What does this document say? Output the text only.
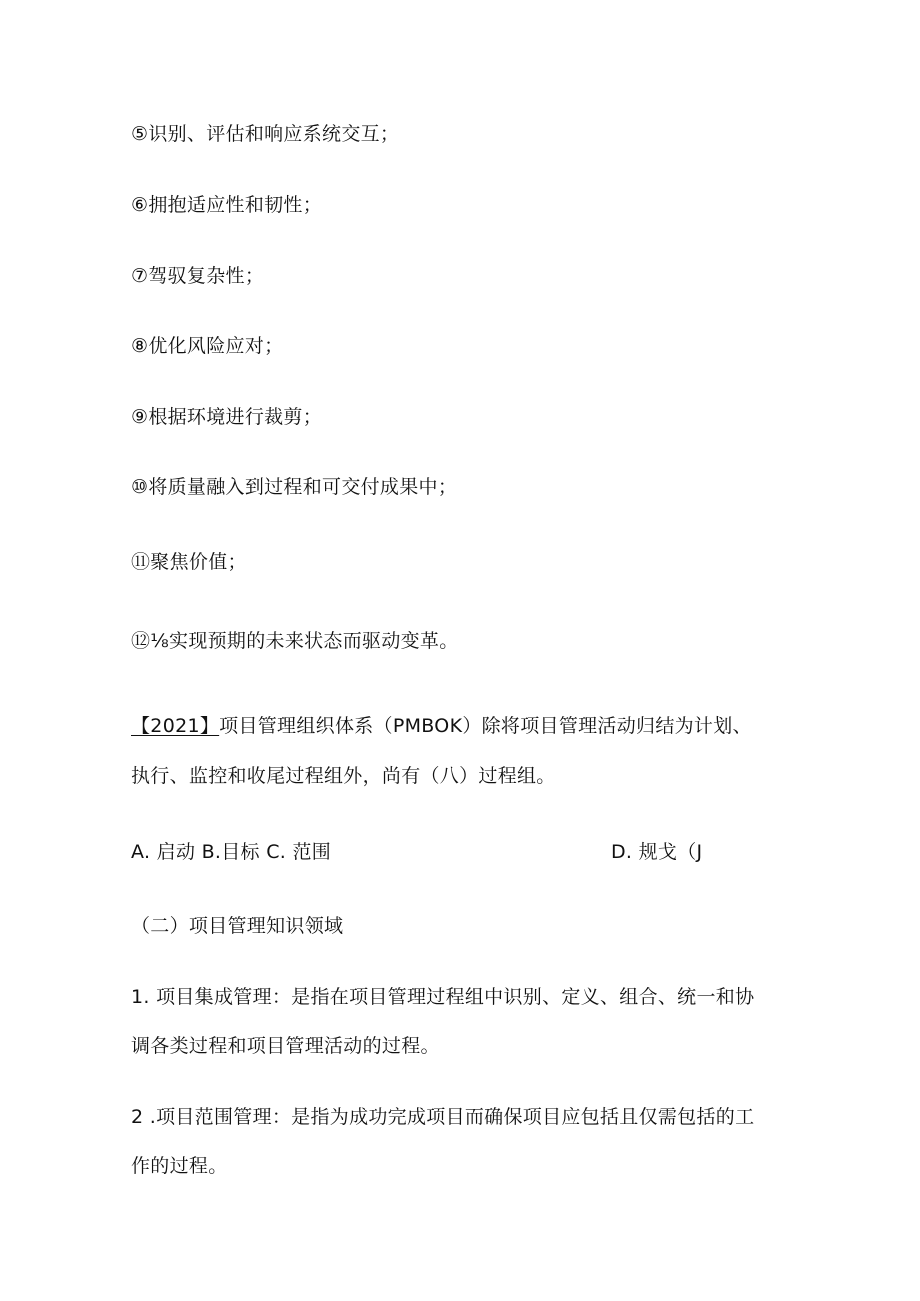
⑤识别、评估和响应系统交互；
⑥拥抱适应性和韧性；
⑦驾驭复杂性；
⑧优化风险应对；
⑨根据环境进行裁剪；
⑩将质量融入到过程和可交付成果中；
⑪聚焦价值；
⑫⅛实现预期的未来状态而驱动变革。
【2021】项目管理组织体系（PMBOK）除将项目管理活动归结为计划、
执行、监控和收尾过程组外，尚有（八）过程组。
A. 启动 B.目标 C. 范围	D. 规戈（J
（二）项目管理知识领域
1. 项目集成管理：是指在项目管理过程组中识别、定义、组合、统一和协
调各类过程和项目管理活动的过程。
2 .项目范围管理：是指为成功完成项目而确保项目应包括且仅需包括的工
作的过程。
